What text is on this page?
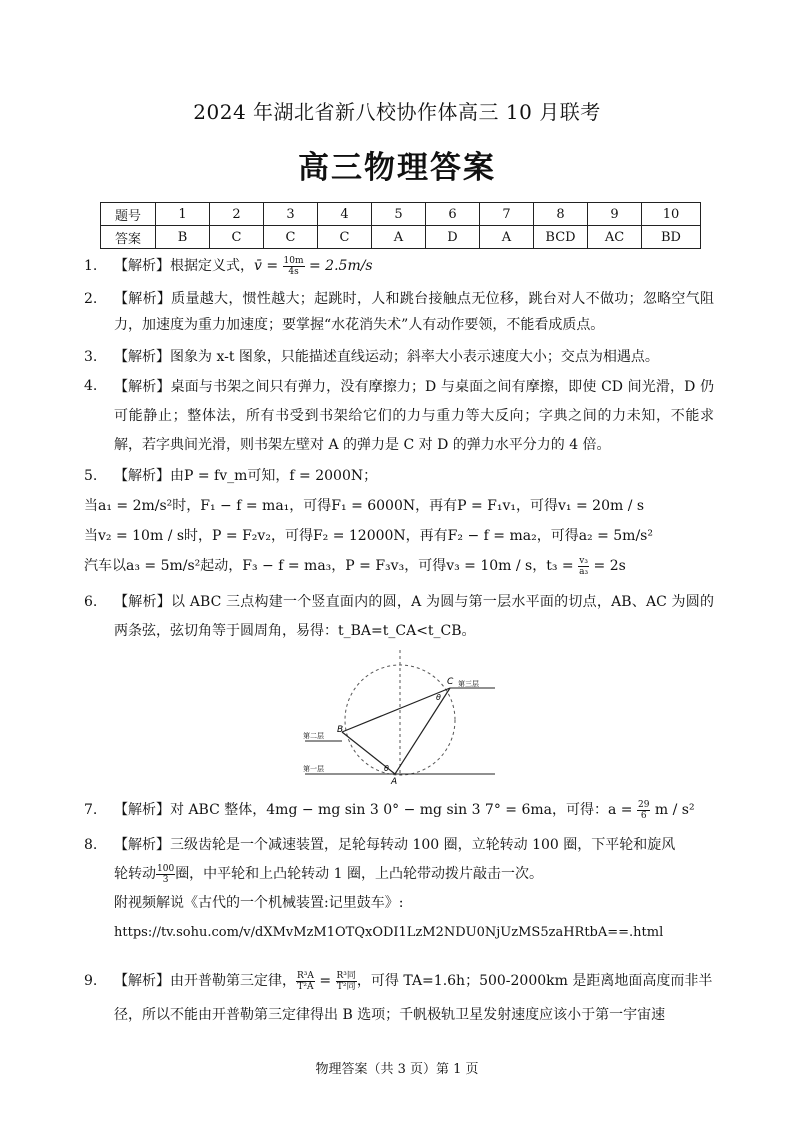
2024 年湖北省新八校协作体高三 10 月联考
高三物理答案
题号	1	2	3	4	5	6	7	8	9	10
答案	B	C	C	C	A	D	A	BCD	AC	BD
1. 【解析】根据定义式，v̄ = $\frac{10m}{4s} = 2.5m/s$
2. 【解析】质量越大，惯性越大；起跳时，人和跳台接触点无位移，跳台对人不做功；忽略空气阻力，加速度为重力加速度；要掌握“水花消失术”人有动作要领，不能看成质点。
3. 【解析】图象为 x-t 图象，只能描述直线运动；斜率大小表示速度大小；交点为相遇点。
4. 【解析】桌面与书架之间只有弹力，没有摩擦力；D 与桌面之间有摩擦，即使 CD 间光滑，D 仍可能静止；整体法，所有书受到书架给它们的力与重力等大反向；字典之间的力未知，不能求解，若字典间光滑，则书架左壁对 A 的弹力是 C 对 D 的弹力水平分力的 4 倍。
5. 【解析】由P = fv_m可知，f = 2000N；
当a₁ = 2m/s²时，F₁ − f = ma₁，可得F₁ = 6000N，再有P = F₁v₁，可得v₁ = 20m / s
当v₂ = 10m / s时，P = F₂v₂，可得F₂ = 12000N，再有F₂ − f = ma₂，可得a₂ = 5m/s²
汽车以a₃ = 5m/s²起动，F₃ − f = ma₃，P = F₃v₃，可得v₃ = 10m / s，$t_3 = \frac{\text{v₃}}{\text{a₃}} = 2s$
6. 【解析】以 ABC 三点构建一个竖直面内的圆，A 为圆与第一层水平面的切点，AB、AC 为圆的两条弦，弦切角等于圆周角，易得：t_BA=t_CA<t_CB。
第三层
第二层
第一层
B
C
A
θ
θ
7. 【解析】对 ABC 整体，4mg − mg sin 3 0° − mg sin 3 7° = 6ma，可得：$a = \frac{29}{6}$ m / s²
8. 【解析】三级齿轮是一个减速装置，足轮每转动 100 圈，立轮转动 100 圈，下平轮和旋风
轮转动 $\frac{100}{3}$ 圈，中平轮和上凸轮转动 1 圈，上凸轮带动拨片敲击一次。
附视频解说《古代的一个机械装置:记里鼓车》:
https://tv.sohu.com/v/dXMvMzM1OTQxODI1LzM2NDU0NjUzMS5zaHRtbA==.html
9. 【解析】由开普勒第三定律， $\frac{\text{R³A}}{\text{T²A}} = \frac{\text{R³同}}{\text{T²同}}$ ，可得 TA=1.6h；500-2000km 是距离地面高度而非半
径，所以不能由开普勒第三定律得出 B 选项；千帆极轨卫星发射速度应该小于第一宇宙速
物理答案（共 3 页）第 1 页
